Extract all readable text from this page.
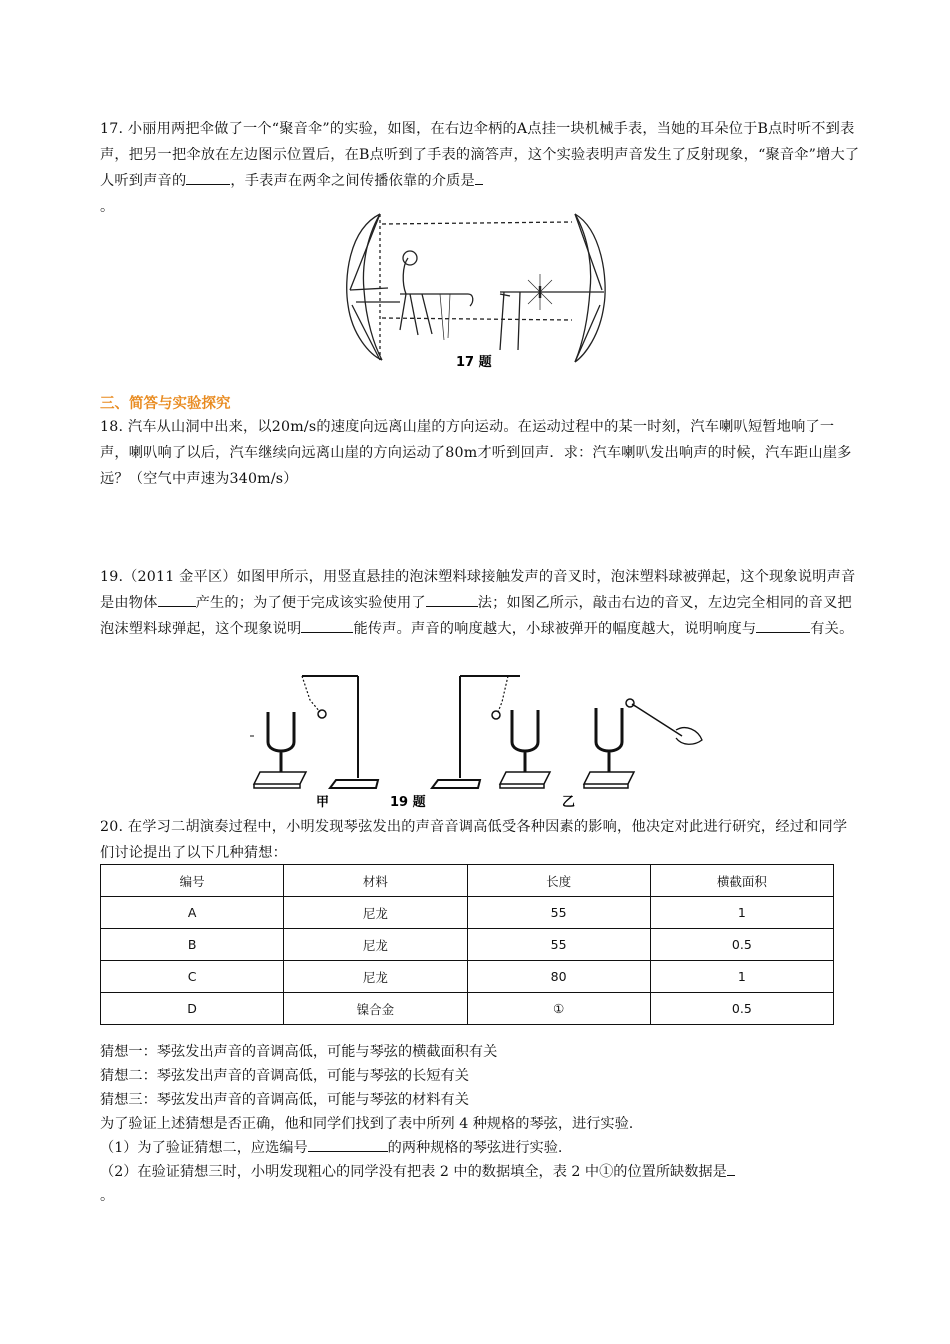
17. 小丽用两把伞做了一个“聚音伞”的实验，如图，在右边伞柄的A点挂一块机械手表，当她的耳朵位于B点时听不到表声，把另一把伞放在左边图示位置后，在B点听到了手表的滴答声，这个实验表明声音发生了反射现象，“聚音伞”增大了人听到声音的	，手表声在两伞之间传播依靠的介质是
。
17 题
三、简答与实验探究
18. 汽车从山洞中出来，以20m/s的速度向远离山崖的方向运动。在运动过程中的某一时刻，汽车喇叭短暂地响了一声，喇叭响了以后，汽车继续向远离山崖的方向运动了80m才听到回声．求：汽车喇叭发出响声的时候，汽车距山崖多远？（空气中声速为340m/s）
19.（2011 金平区）如图甲所示，用竖直悬挂的泡沫塑料球接触发声的音叉时，泡沫塑料球被弹起，这个现象说明声音是由物体	产生的；为了便于完成该实验使用了	法；如图乙所示，敲击右边的音叉，左边完全相同的音叉把泡沫塑料球弹起，这个现象说明	能传声。声音的响度越大，小球被弹开的幅度越大，说明响度与	有关。
甲	19 题	乙
20. 在学习二胡演奏过程中，小明发现琴弦发出的声音音调高低受各种因素的影响，他决定对此进行研究，经过和同学们讨论提出了以下几种猜想：
编号	材料	长度	横截面积
A	尼龙	55	1
B	尼龙	55	0.5
C	尼龙	80	1
D	镍合金	①	0.5
猜想一：琴弦发出声音的音调高低，可能与琴弦的横截面积有关
猜想二：琴弦发出声音的音调高低，可能与琴弦的长短有关
猜想三：琴弦发出声音的音调高低，可能与琴弦的材料有关
为了验证上述猜想是否正确，他和同学们找到了表中所列 4 种规格的琴弦，进行实验.
（1）为了验证猜想二，应选编号	的两种规格的琴弦进行实验.
（2）在验证猜想三时，小明发现粗心的同学没有把表 2 中的数据填全，表 2 中①的位置所缺数据是
。
